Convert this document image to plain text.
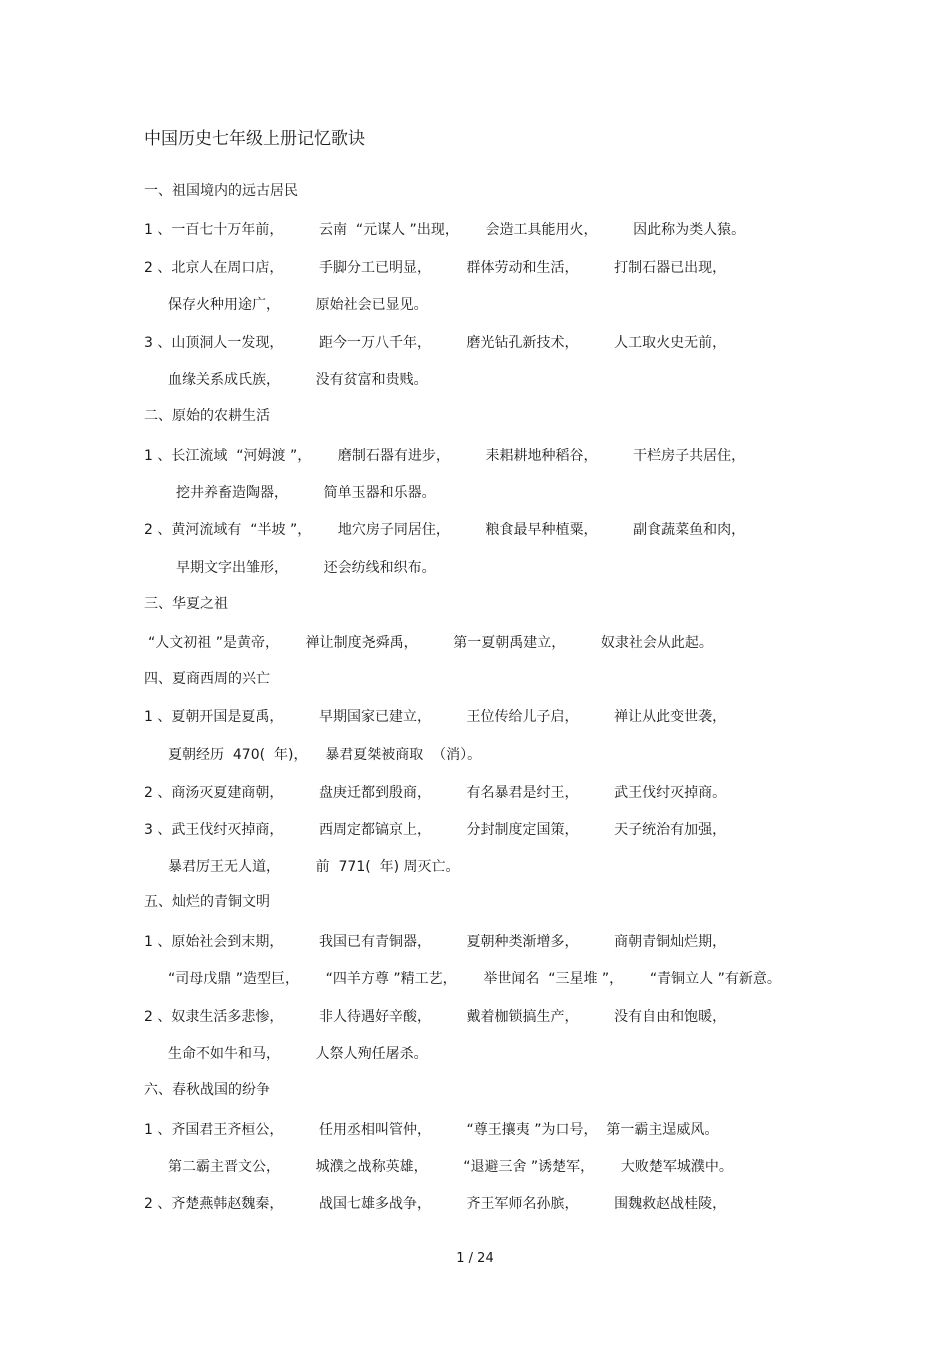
中国历史七年级上册记忆歌诀
一、祖国境内的远古居民
1 、一百七十万年前，        云南  “元谋人 ”出现，      会造工具能用火，        因此称为类人猿。
2 、北京人在周口店，        手脚分工已明显，        群体劳动和生活，        打制石器已出现，
保存火种用途广，        原始社会已显见。
3 、山顶洞人一发现，        距今一万八千年，        磨光钻孔新技术，        人工取火史无前，
血缘关系成氏族，        没有贫富和贵贱。
二、原始的农耕生活
1 、长江流域  “河姆渡 ”，      磨制石器有进步，        耒耜耕地种稻谷，        干栏房子共居住，
挖井养畜造陶器，        简单玉器和乐器。
2 、黄河流域有  “半坡 ”，      地穴房子同居住，        粮食最早种植粟，        副食蔬菜鱼和肉，
早期文字出雏形，        还会纺线和织布。
三、华夏之祖
“人文初祖 ”是黄帝，      禅让制度尧舜禹，        第一夏朝禹建立，        奴隶社会从此起。
四、夏商西周的兴亡
1 、夏朝开国是夏禹，        早期国家已建立，        王位传给儿子启，        禅让从此变世袭，
夏朝经历  470(  年)，    暴君夏桀被商取  （消）。
2 、商汤灭夏建商朝，        盘庚迁都到殷商，        有名暴君是纣王，        武王伐纣灭掉商。
3 、武王伐纣灭掉商，        西周定都镐京上，        分封制度定国策，        天子统治有加强，
暴君厉王无人道，        前  771(  年) 周灭亡。
五、灿烂的青铜文明
1 、原始社会到末期，        我国已有青铜器，        夏朝种类渐增多，        商朝青铜灿烂期，
“司母戊鼎 ”造型巨，      “四羊方尊 ”精工艺，      举世闻名  “三星堆 ”，      “青铜立人 ”有新意。
2 、奴隶生活多悲惨，        非人待遇好辛酸，        戴着枷锁搞生产，        没有自由和饱暖，
生命不如牛和马，        人祭人殉任屠杀。
六、春秋战国的纷争
1 、齐国君王齐桓公，        任用丞相叫管仲，        “尊王攘夷 ”为口号，  第一霸主逞威风。
第二霸主晋文公，        城濮之战称英雄，        “退避三舍 ”诱楚军，      大败楚军城濮中。
2 、齐楚燕韩赵魏秦，        战国七雄多战争，        齐王军师名孙膑，        围魏救赵战桂陵，
1 / 24
